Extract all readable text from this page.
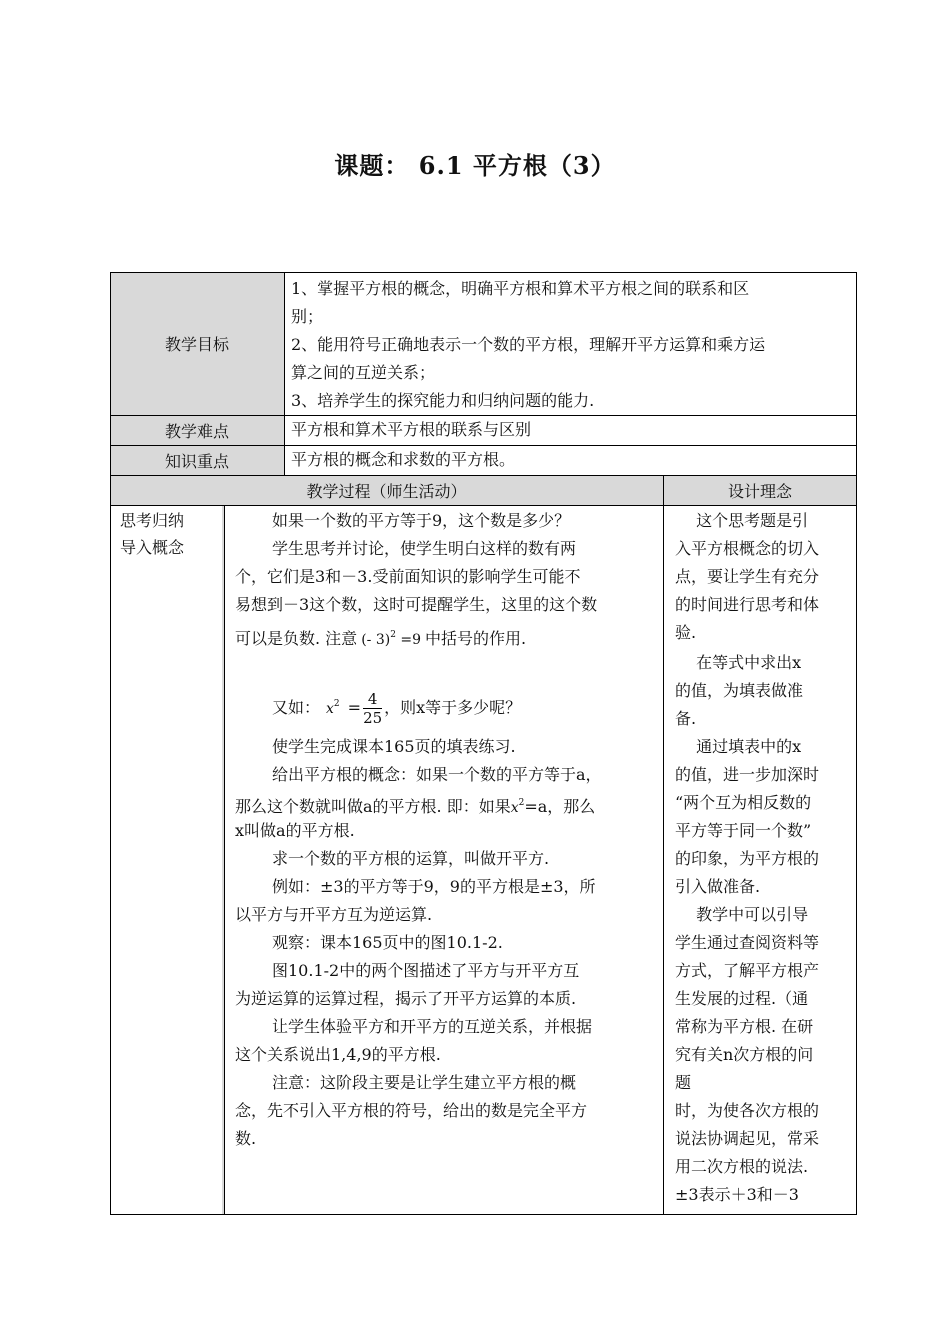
课题： 6.1 平方根（3）
教学目标
教学难点
知识重点
教学过程（师生活动）	设计理念
1、掌握平方根的概念，明确平方根和算术平方根之间的联系和区
别；
2、能用符号正确地表示一个数的平方根，理解开平方运算和乘方运
算之间的互逆关系；
3、培养学生的探究能力和归纳问题的能力.
平方根和算术平方根的联系与区别
平方根的概念和求数的平方根。
思考归纳
导入概念
如果一个数的平方等于9，这个数是多少？
学生思考并讨论，使学生明白这样的数有两
个，它们是3和－3.受前面知识的影响学生可能不
易想到－3这个数，这时可提醒学生，这里的这个数
可以是负数. 注意 (- 3)$^2$ =9 中括号的作用.
又如： $x^2 = \frac{4}{25}$ ，则x等于多少呢？
使学生完成课本165页的填表练习.
给出平方根的概念：如果一个数的平方等于a，
那么这个数就叫做a的平方根. 即：如果$x^2=a$，那么
x叫做a的平方根.
求一个数的平方根的运算，叫做开平方.
例如：±3的平方等于9，9的平方根是±3，所
以平方与开平方互为逆运算.
观察：课本165页中的图10.1-2.
图10.1-2中的两个图描述了平方与开平方互
为逆运算的运算过程，揭示了开平方运算的本质.
让学生体验平方和开平方的互逆关系，并根据
这个关系说出1,4,9的平方根.
注意：这阶段主要是让学生建立平方根的概
念，先不引入平方根的符号，给出的数是完全平方
数.
　 这个思考题是引
入平方根概念的切入
点，要让学生有充分
的时间进行思考和体
验.
　 在等式中求出x
的值，为填表做准
备.
　 通过填表中的x
的值，进一步加深时
“两个互为相反数的
平方等于同一个数”
的印象，为平方根的
引入做准备.
　 教学中可以引导
学生通过查阅资料等
方式，了解平方根产
生发展的过程.（通
常称为平方根. 在研
究有关n次方根的问
题
时，为使各次方根的
说法协调起见，常采
用二次方根的说法.
±3表示＋3和－3
